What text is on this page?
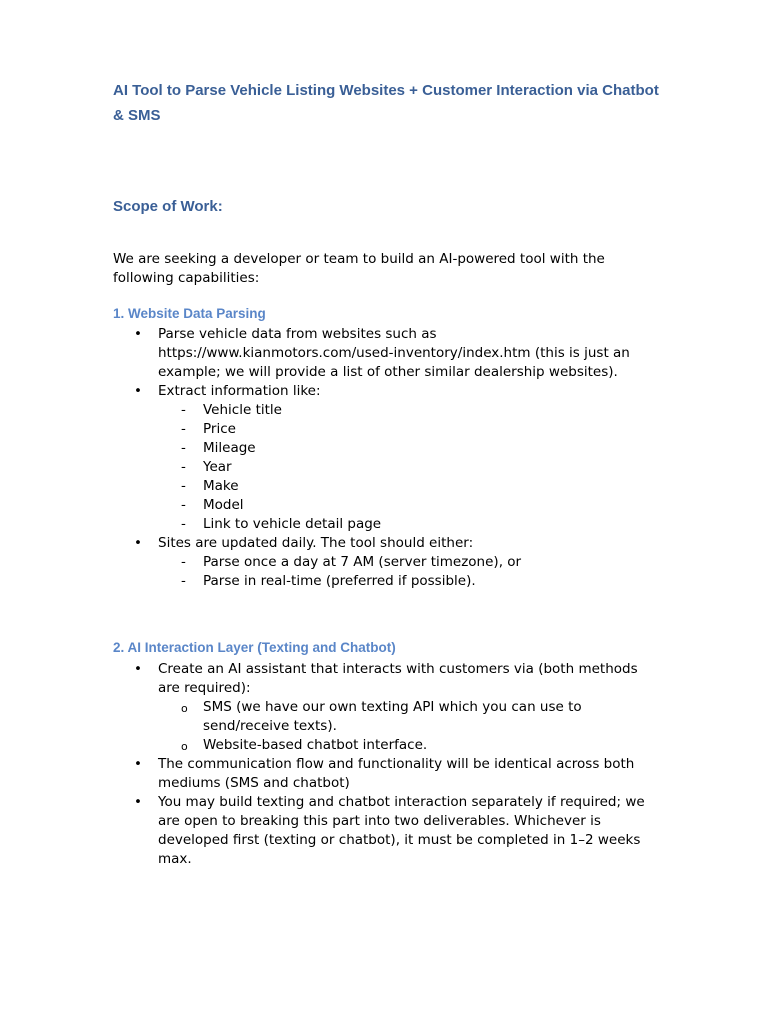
AI Tool to Parse Vehicle Listing Websites + Customer Interaction via Chatbot & SMS
Scope of Work:

We are seeking a developer or team to build an AI-powered tool with the following capabilities:

1. Website Data Parsing
• Parse vehicle data from websites such as https://www.kianmotors.com/used-inventory/index.htm (this is just an example; we will provide a list of other similar dealership websites).
• Extract information like:
- Vehicle title
- Price
- Mileage
- Year
- Make
- Model
- Link to vehicle detail page
• Sites are updated daily. The tool should either:
- Parse once a day at 7 AM (server timezone), or
- Parse in real-time (preferred if possible).
2. AI Interaction Layer (Texting and Chatbot)
• Create an AI assistant that interacts with customers via (both methods are required):
o SMS (we have our own texting API which you can use to send/receive texts).
o Website-based chatbot interface.
• The communication flow and functionality will be identical across both mediums (SMS and chatbot)
• You may build texting and chatbot interaction separately if required; we are open to breaking this part into two deliverables. Whichever is developed first (texting or chatbot), it must be completed in 1–2 weeks max.
